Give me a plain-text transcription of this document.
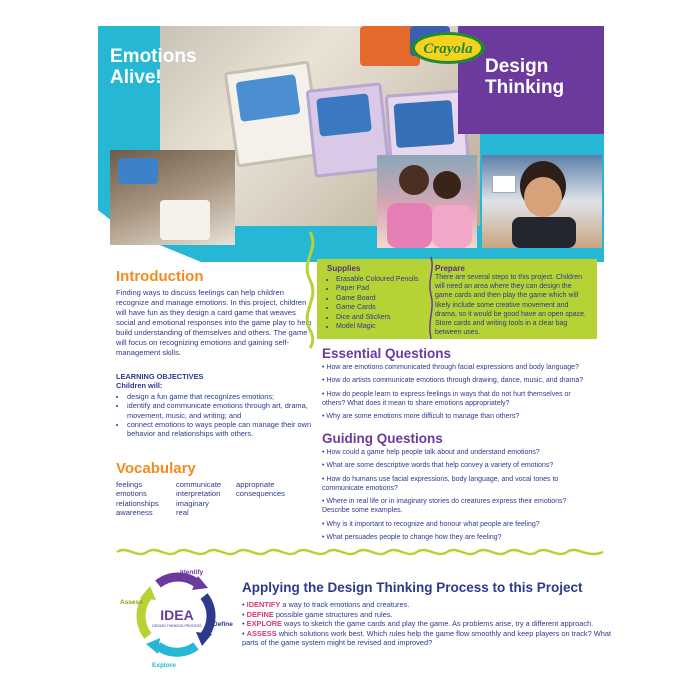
Emotions Alive!
Design Thinking
Crayola
Introduction
Finding ways to discuss feelings can help children recognize and manage emotions. In this project, children will have fun as they design a card game that weaves social and emotional responses into the game play to help build understanding of themselves and others. The game will focus on recognizing emotions and gaining self-management skills.
LEARNING OBJECTIVES
Children will:
• design a fun game that recognizes emotions;
• identify and communicate emotions through art, drama, movement, music, and writing; and
• connect emotions to ways people can manage their own behavior and relationships with others.
Vocabulary
feelings
emotions
relationships
awareness
communicate
interpretation
imaginary
real
appropriate
consequences
Supplies
• Erasable Coloured Pencils
• Paper Pad
• Game Board
• Game Cards
• Dice and Stickers
• Model Magic
Prepare
There are several steps to this project. Children will need an area where they can design the game cards and then play the game which will likely include some creative movement and drama, so it would be good have an open space. Store cards and writing tools in a clear bag between uses.
Essential Questions
• How are emotions communicated through facial expressions and body language?
• How do artists communicate emotions through drawing, dance, music, and drama?
• How do people learn to express feelings in ways that do not hurt themselves or others? What does it mean to share emotions appropriately?
• Why are some emotions more difficult to manage than others?
Guiding Questions
• How could a game help people talk about and understand emotions?
• What are some descriptive words that help convey a variety of emotions?
• How do humans use facial expressions, body language, and vocal tones to communicate emotions?
• Where in real life or in imaginary stories do creatures express their emotions? Describe some examples.
• Why is it important to recognize and honour what people are feeling?
• What persuades people to change how they are feeling?
IDEA
DESIGN THINKING PROCESS
Identify
Define
Explore
Assess
Applying the Design Thinking Process to this Project
• IDENTIFY a way to track emotions and creatures.
• DEFINE possible game structures and rules.
• EXPLORE ways to sketch the game cards and play the game. As problems arise, try a different approach.
• ASSESS which solutions work best. Which rules help the game flow smoothly and keep players on track? What parts of the game system might be revised and improved?
